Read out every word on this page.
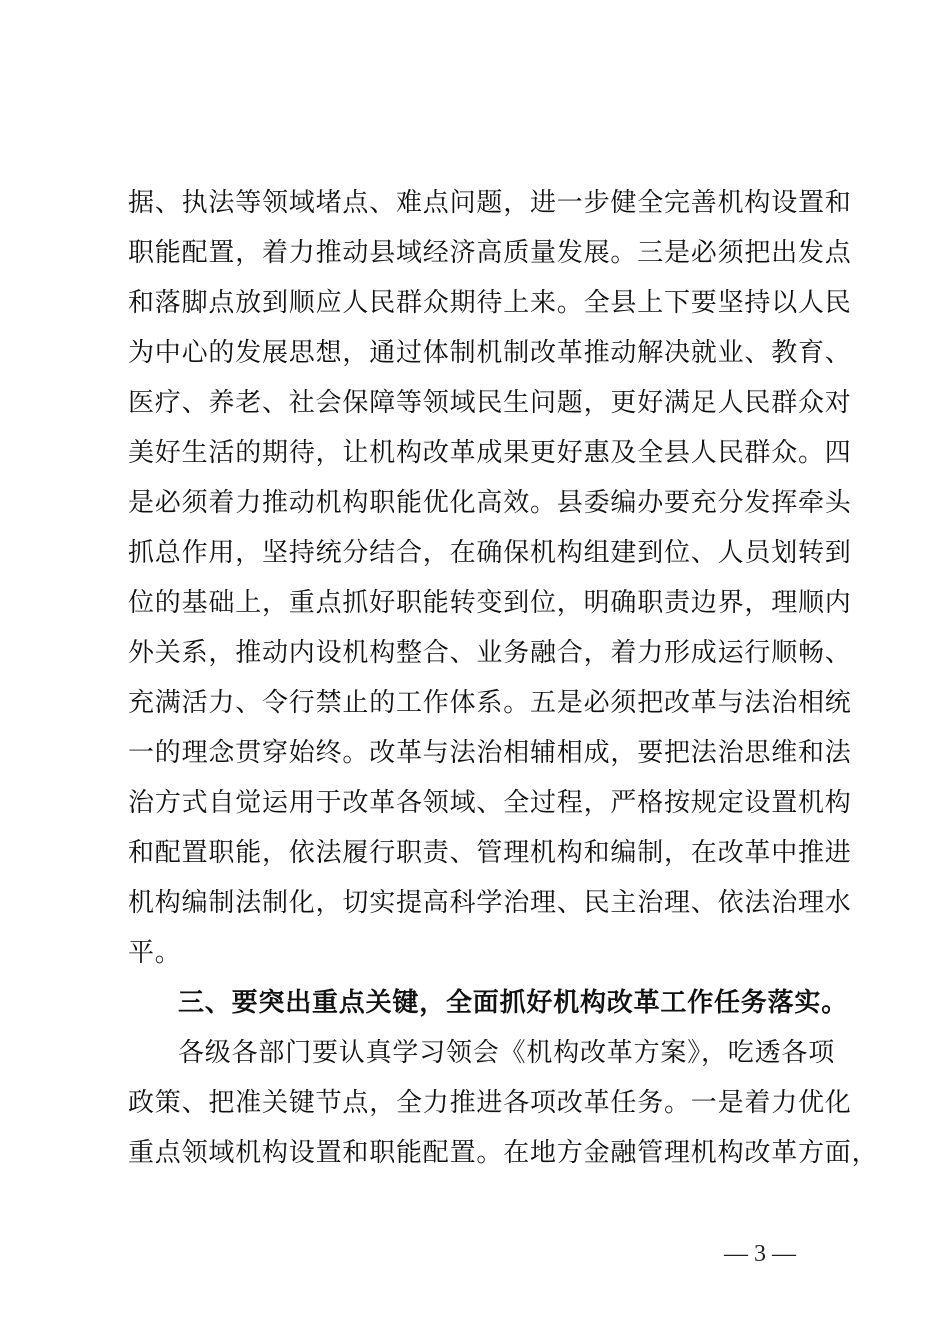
据、执法等领域堵点、难点问题，进一步健全完善机构设置和
职能配置，着力推动县域经济高质量发展。三是必须把出发点
和落脚点放到顺应人民群众期待上来。全县上下要坚持以人民
为中心的发展思想，通过体制机制改革推动解决就业、教育、
医疗、养老、社会保障等领域民生问题，更好满足人民群众对
美好生活的期待，让机构改革成果更好惠及全县人民群众。四
是必须着力推动机构职能优化高效。县委编办要充分发挥牵头
抓总作用，坚持统分结合，在确保机构组建到位、人员划转到
位的基础上，重点抓好职能转变到位，明确职责边界，理顺内
外关系，推动内设机构整合、业务融合，着力形成运行顺畅、
充满活力、令行禁止的工作体系。五是必须把改革与法治相统
一的理念贯穿始终。改革与法治相辅相成，要把法治思维和法
治方式自觉运用于改革各领域、全过程，严格按规定设置机构
和配置职能，依法履行职责、管理机构和编制，在改革中推进
机构编制法制化，切实提高科学治理、民主治理、依法治理水
平。
三、要突出重点关键，全面抓好机构改革工作任务落实。
各级各部门要认真学习领会《机构改革方案》，吃透各项
政策、把准关键节点，全力推进各项改革任务。一是着力优化
重点领域机构设置和职能配置。在地方金融管理机构改革方面，
— 3 —
